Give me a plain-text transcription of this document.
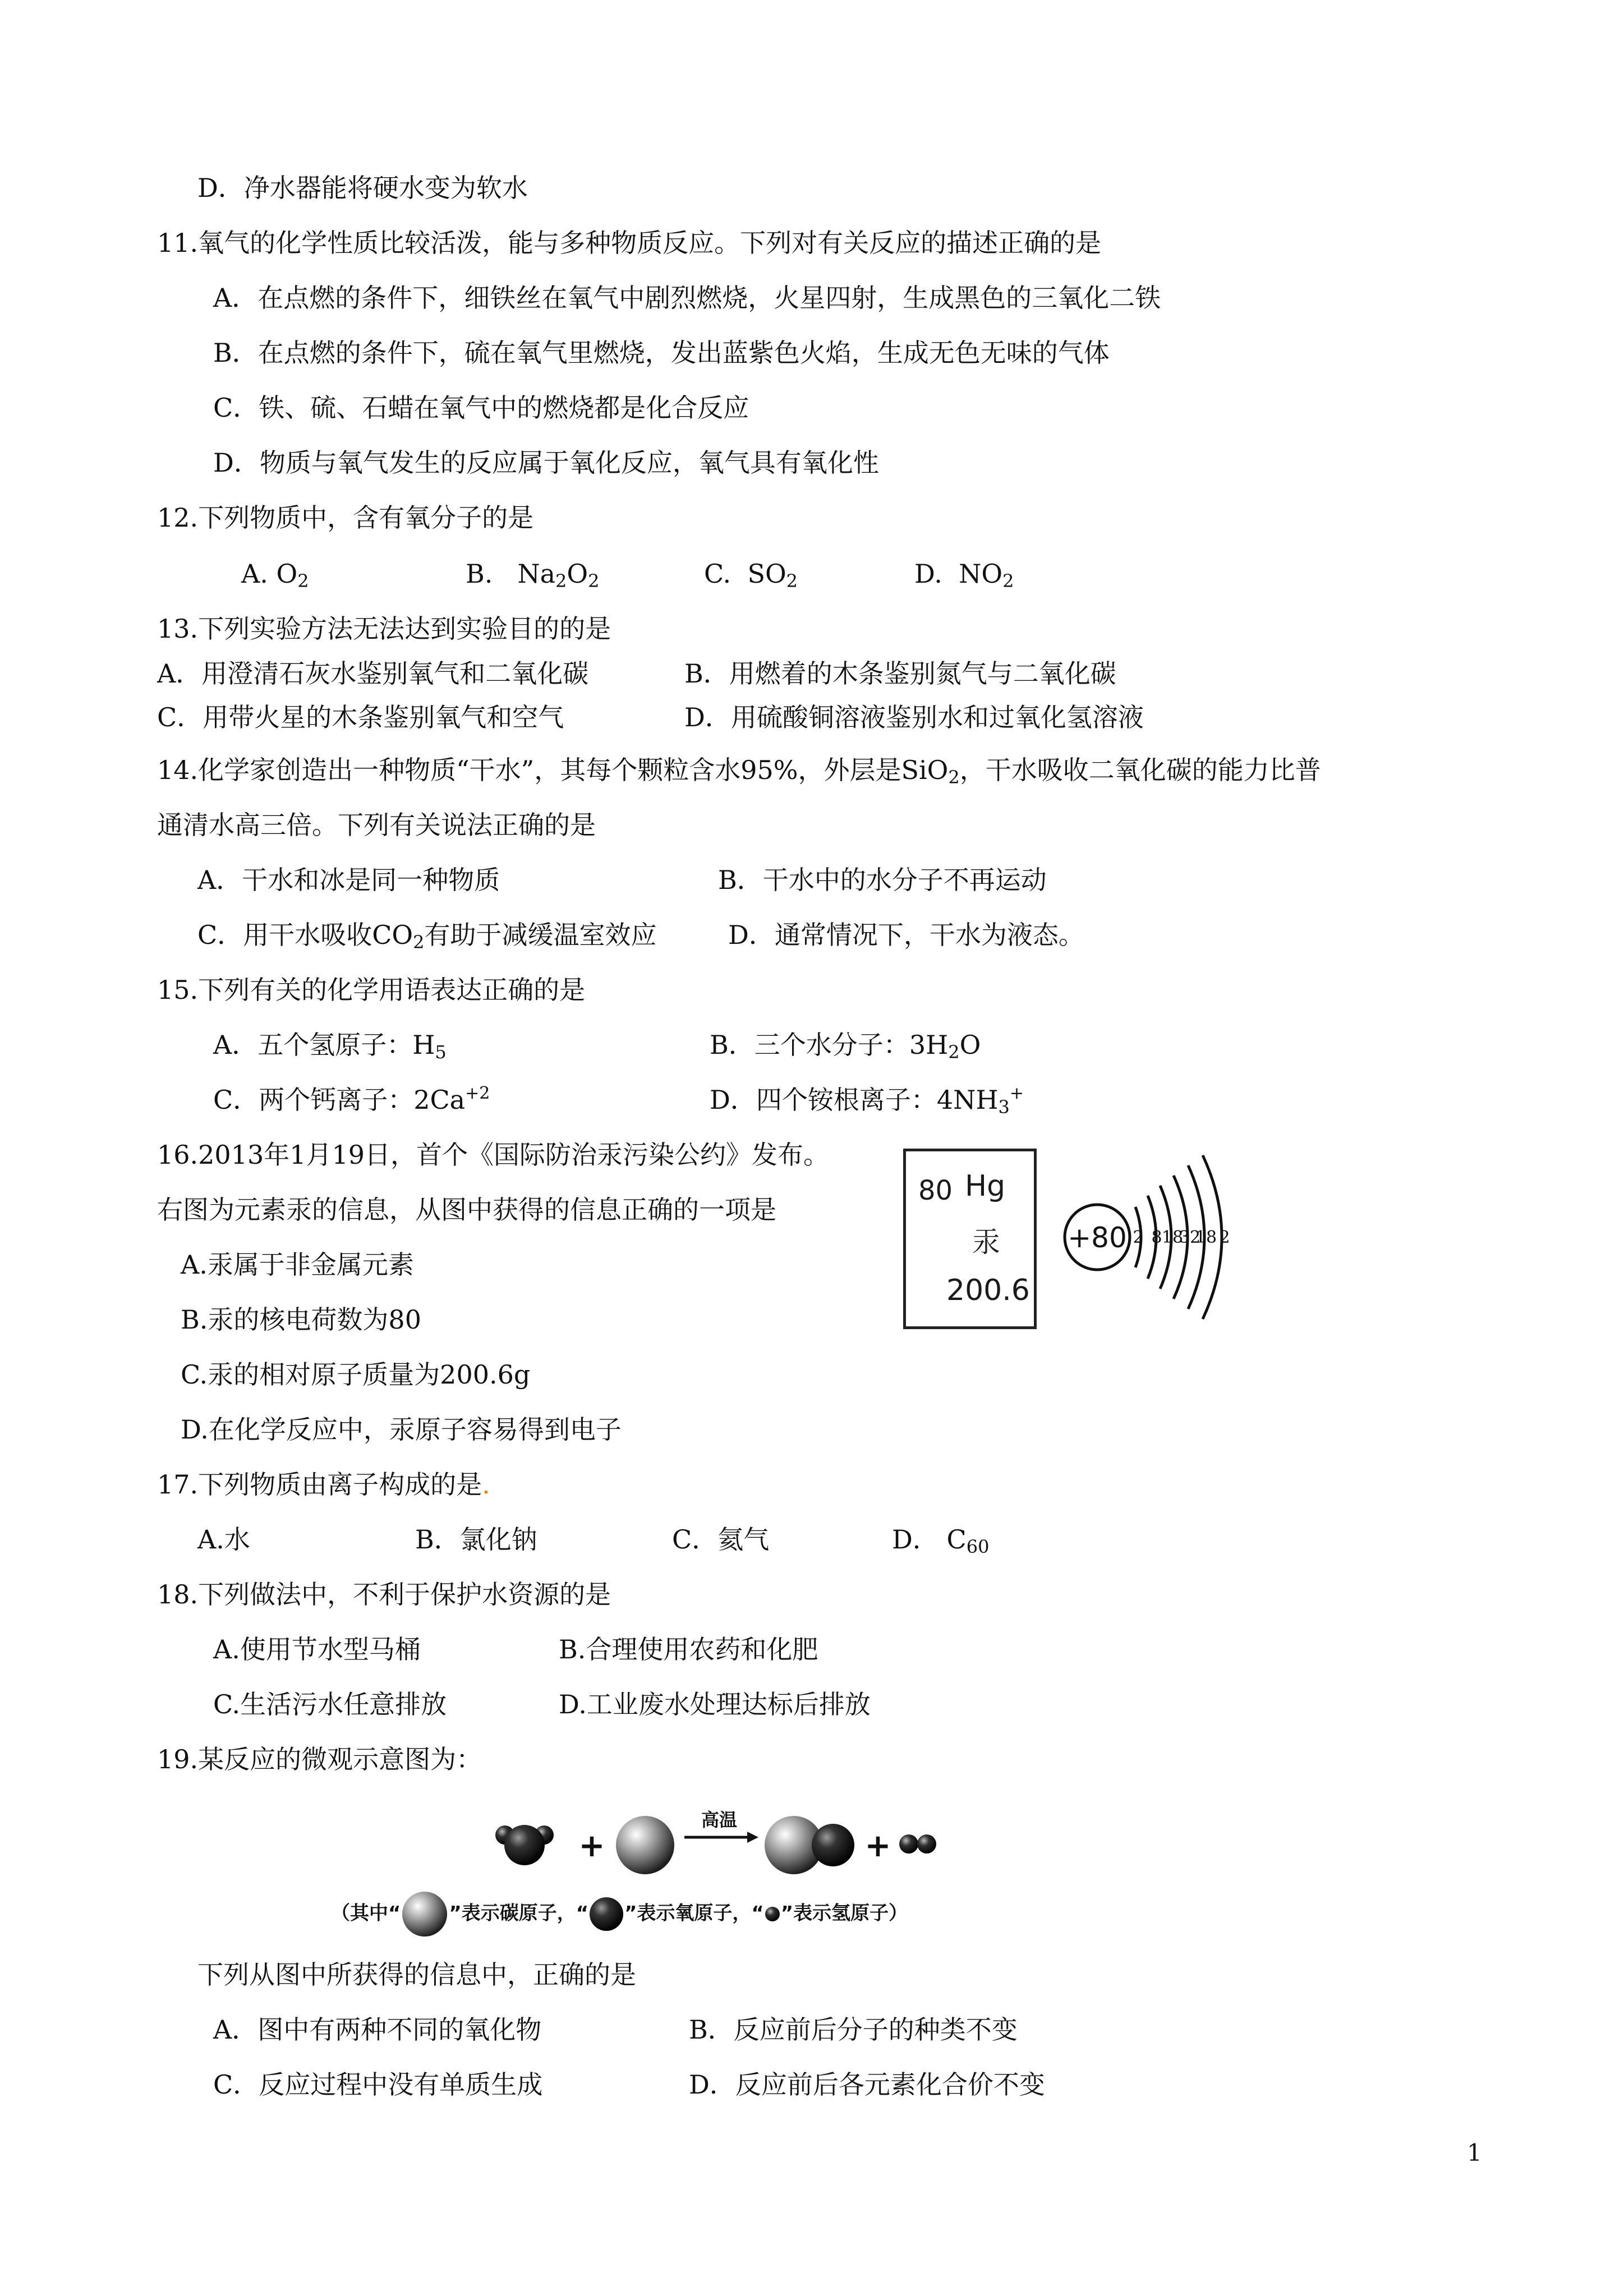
D．净水器能将硬水变为软水
11.氧气的化学性质比较活泼，能与多种物质反应。下列对有关反应的描述正确的是
A．在点燃的条件下，细铁丝在氧气中剧烈燃烧，火星四射，生成黑色的三氧化二铁
B．在点燃的条件下，硫在氧气里燃烧，发出蓝紫色火焰，生成无色无味的气体
C．铁、硫、石蜡在氧气中的燃烧都是化合反应
D．物质与氧气发生的反应属于氧化反应，氧气具有氧化性
12.下列物质中，含有氧分子的是
A. $O_2$	B. $Na_2O_2$	C. $SO_2$	D. $NO_2$
13.下列实验方法无法达到实验目的的是
A．用澄清石灰水鉴别氧气和二氧化碳	B．用燃着的木条鉴别氮气与二氧化碳
C．用带火星的木条鉴别氧气和空气	D．用硫酸铜溶液鉴别水和过氧化氢溶液
14.化学家创造出一种物质“干水”，其每个颗粒含水95%，外层是SiO$_2$，干水吸收二氧化碳的能力比普
通清水高三倍。下列有关说法正确的是
A．干水和冰是同一种物质	B．干水中的水分子不再运动
C．用干水吸收$CO_2$有助于减缓温室效应	D．通常情况下，干水为液态。
15.下列有关的化学用语表达正确的是
A．五个氢原子：$H_5$	B．三个水分子：$3H_2O$
C．两个钙离子：$2Ca^{+2}$	D．四个铵根离子：$4NH_3^+$
16.2013年1月19日，首个《国际防治汞污染公约》发布。
右图为元素汞的信息，从图中获得的信息正确的一项是
A.汞属于非金属元素
B.汞的核电荷数为80
C.汞的相对原子质量为200.6g
D.在化学反应中，汞原子容易得到电子
80 Hg
汞
200.6
+80 2 8 18
32
18 2
17.下列物质由离子构成的是.
A.水	B．氯化钠	C．氦气	D． $C_{60}$
18.下列做法中，不利于保护水资源的是
A.使用节水型马桶	B.合理使用农药和化肥
C.生活污水任意排放	D.工业废水处理达标后排放
19.某反应的微观示意图为：
+
高温
+
（其中“	”表示碳原子，“ ”表示氧原子，“ ”表示氢原子）
下列从图中所获得的信息中，正确的是
A．图中有两种不同的氧化物	B．反应前后分子的种类不变
C．反应过程中没有单质生成	D．反应前后各元素化合价不变
1
